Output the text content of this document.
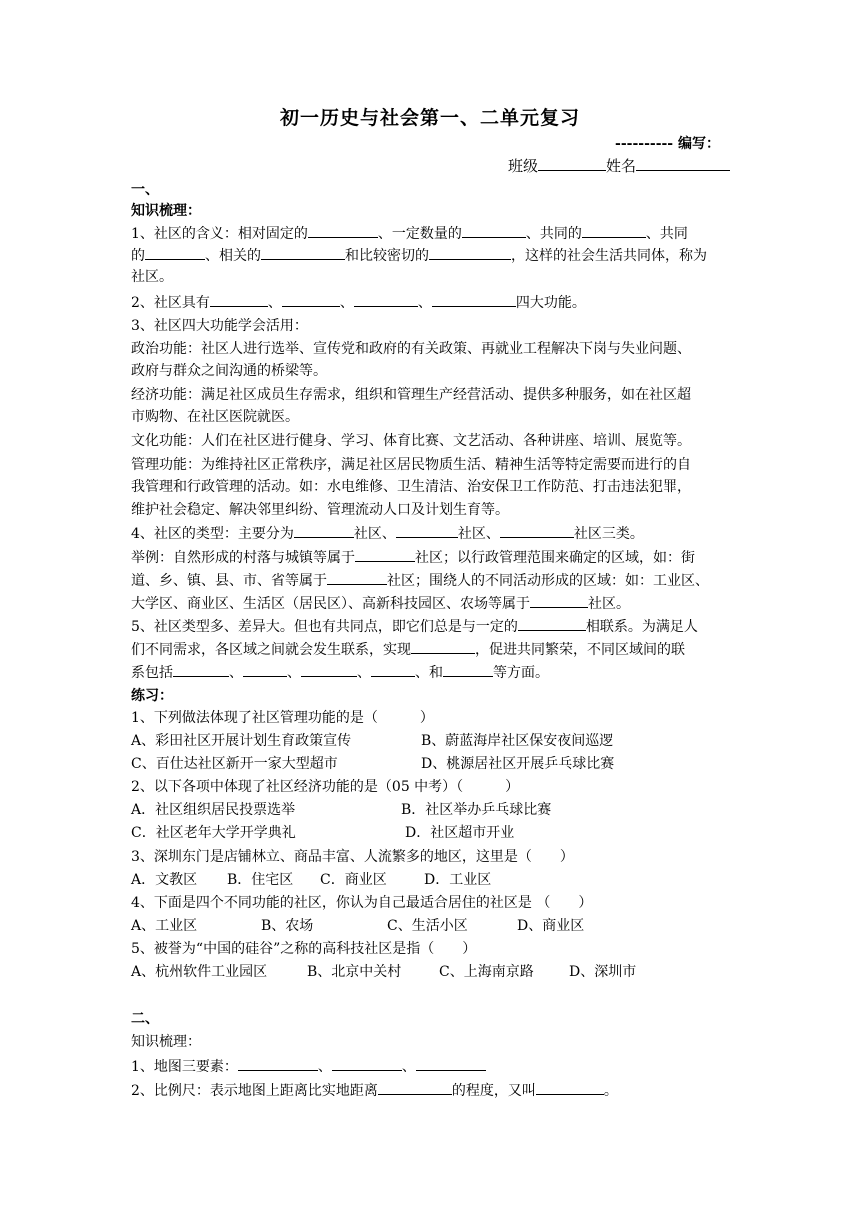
初一历史与社会第一、二单元复习
---------- 编写：
班级	姓名
一、
知识梳理：
1、社区的含义：相对固定的	、一定数量的	、共同的	、共同
的	、相关的	和比较密切的	，这样的社会生活共同体，称为
社区。
2、社区具有	、	、	、	四大功能。
3、社区四大功能学会活用：
政治功能：社区人进行选举、宣传党和政府的有关政策、再就业工程解决下岗与失业问题、
政府与群众之间沟通的桥梁等。
经济功能：满足社区成员生存需求，组织和管理生产经营活动、提供多种服务，如在社区超
市购物、在社区医院就医。
文化功能：人们在社区进行健身、学习、体育比赛、文艺活动、各种讲座、培训、展览等。
管理功能：为维持社区正常秩序，满足社区居民物质生活、精神生活等特定需要而进行的自
我管理和行政管理的活动。如：水电维修、卫生清洁、治安保卫工作防范、打击违法犯罪，
维护社会稳定、解决邻里纠纷、管理流动人口及计划生育等。
4、社区的类型：主要分为	社区、	社区、	社区三类。
举例：自然形成的村落与城镇等属于	社区；以行政管理范围来确定的区域，如：街
道、乡、镇、县、市、省等属于	社区；围绕人的不同活动形成的区域：如：工业区、
大学区、商业区、生活区（居民区）、高新科技园区、农场等属于	社区。
5、社区类型多、差异大。但也有共同点，即它们总是与一定的	相联系。为满足人
们不同需求，各区域之间就会发生联系，实现	，促进共同繁荣，不同区域间的联
系包括	、	、	、	、和	等方面。
练习：
1、下列做法体现了社区管理功能的是（　　　）
A、彩田社区开展计划生育政策宣传	B、蔚蓝海岸社区保安夜间巡逻
C、百仕达社区新开一家大型超市	D、桃源居社区开展乒乓球比赛
2、以下各项中体现了社区经济功能的是（05 中考）（　　　）
A．社区组织居民投票选举	B．社区举办乒乓球比赛
C．社区老年大学开学典礼	D．社区超市开业
3、深圳东门是店铺林立、商品丰富、人流繁多的地区，这里是（　　）
A．文教区 B．住宅区 C．商业区	D．工业区
4、下面是四个不同功能的社区，你认为自己最适合居住的社区是 （　　）
A、工业区	B、农场	C、生活小区	D、商业区
5、被誉为“中国的硅谷”之称的高科技社区是指（　　）
A、杭州软件工业园区	B、北京中关村	C、上海南京路	D、深圳市
二、
知识梳理：
1、地图三要素：	、	、
2、比例尺：表示地图上距离比实地距离	的程度，又叫	。
